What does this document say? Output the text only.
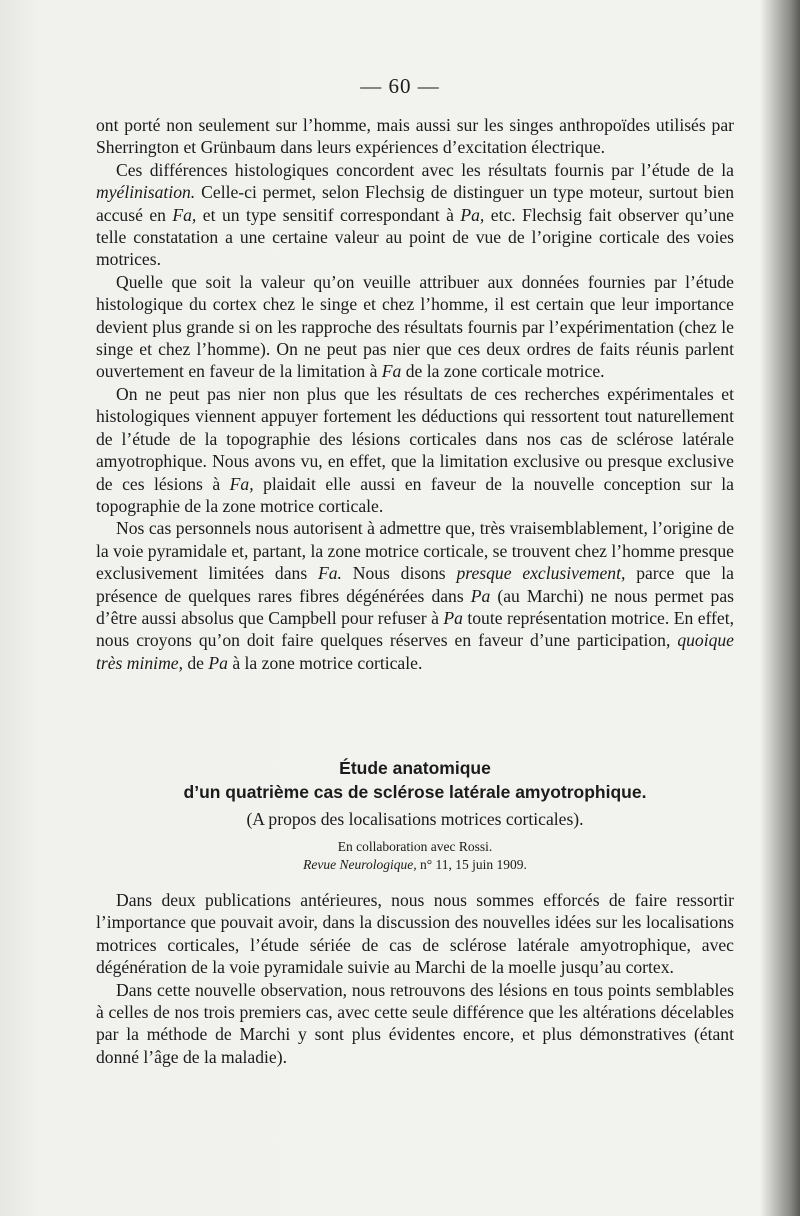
— 60 —

ont porté non seulement sur l’homme, mais aussi sur les singes anthropoïdes utilisés par Sherrington et Grünbaum dans leurs expériences d’excitation électrique.

Ces différences histologiques concordent avec les résultats fournis par l’étude de la myélinisation. Celle-ci permet, selon Flechsig de distinguer un type moteur, surtout bien accusé en Fa, et un type sensitif correspondant à Pa, etc. Flechsig fait observer qu’une telle constatation a une certaine valeur au point de vue de l’origine corticale des voies motrices.

Quelle que soit la valeur qu’on veuille attribuer aux données fournies par l’étude histologique du cortex chez le singe et chez l’homme, il est certain que leur importance devient plus grande si on les rapproche des résultats fournis par l’expérimentation (chez le singe et chez l’homme). On ne peut pas nier que ces deux ordres de faits réunis parlent ouvertement en faveur de la limitation à Fa de la zone corticale motrice.

On ne peut pas nier non plus que les résultats de ces recherches expérimentales et histologiques viennent appuyer fortement les déductions qui ressortent tout naturellement de l’étude de la topographie des lésions corticales dans nos cas de sclérose latérale amyotrophique. Nous avons vu, en effet, que la limitation exclusive ou presque exclusive de ces lésions à Fa, plaidait elle aussi en faveur de la nouvelle conception sur la topographie de la zone motrice corticale.

Nos cas personnels nous autorisent à admettre que, très vraisemblablement, l’origine de la voie pyramidale et, partant, la zone motrice corticale, se trouvent chez l’homme presque exclusivement limitées dans Fa. Nous disons presque exclusivement, parce que la présence de quelques rares fibres dégénérées dans Pa (au Marchi) ne nous permet pas d’être aussi absolus que Campbell pour refuser à Pa toute représentation motrice. En effet, nous croyons qu’on doit faire quelques réserves en faveur d’une participation, quoique très minime, de Pa à la zone motrice corticale.

Étude anatomique
d’un quatrième cas de sclérose latérale amyotrophique.
(A propos des localisations motrices corticales).
En collaboration avec Rossi.
Revue Neurologique, n° 11, 15 juin 1909.

Dans deux publications antérieures, nous nous sommes efforcés de faire ressortir l’importance que pouvait avoir, dans la discussion des nouvelles idées sur les localisations motrices corticales, l’étude sériée de cas de sclérose latérale amyotrophique, avec dégénération de la voie pyramidale suivie au Marchi de la moelle jusqu’au cortex.

Dans cette nouvelle observation, nous retrouvons des lésions en tous points semblables à celles de nos trois premiers cas, avec cette seule différence que les altérations décelables par la méthode de Marchi y sont plus évidentes encore, et plus démonstratives (étant donné l’âge de la maladie).
